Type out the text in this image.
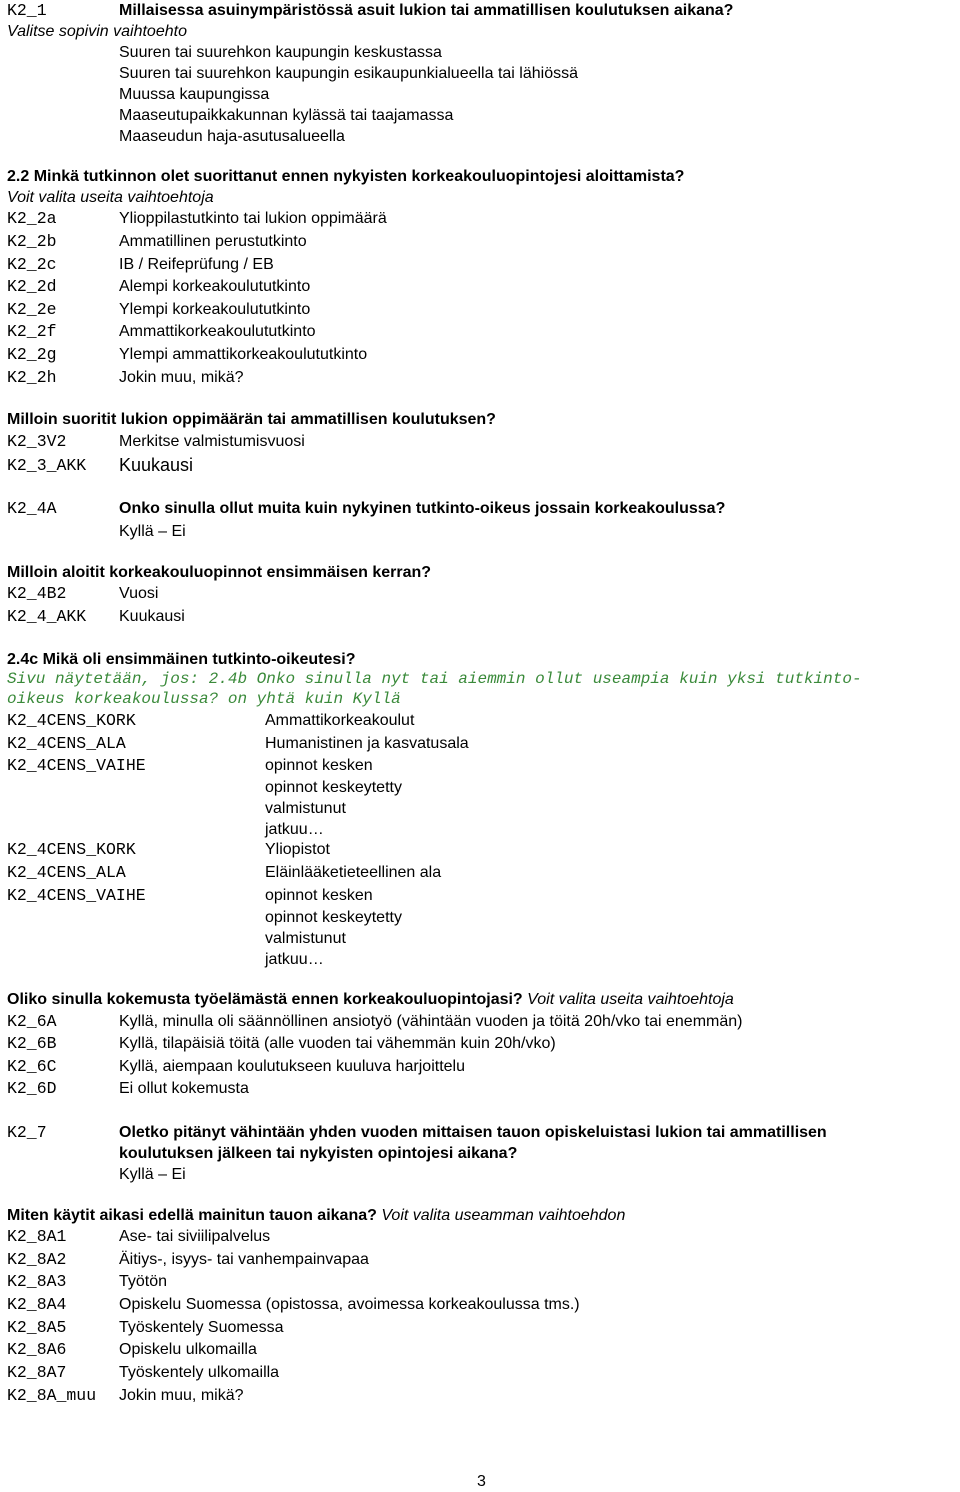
K2_1	Millaisessa asuinympäristössä asuit lukion tai ammatillisen koulutuksen aikana?
Valitse sopivin vaihtoehto
Suuren tai suurehkon kaupungin keskustassa
Suuren tai suurehkon kaupungin esikaupunkialueella tai lähiössä
Muussa kaupungissa
Maaseutupaikkakunnan kylässä tai taajamassa
Maaseudun haja-asutusalueella
2.2 Minkä tutkinnon olet suorittanut ennen nykyisten korkeakouluopintojesi aloittamista?
Voit valita useita vaihtoehtoja
K2_2a	Ylioppilastutkinto tai lukion oppimäärä
K2_2b	Ammatillinen perustutkinto
K2_2c	IB / Reifeprüfung / EB
K2_2d	Alempi korkeakoulututkinto
K2_2e	Ylempi korkeakoulututkinto
K2_2f	Ammattikorkeakoulututkinto
K2_2g	Ylempi ammattikorkeakoulututkinto
K2_2h	Jokin muu, mikä?
Milloin suoritit lukion oppimäärän tai ammatillisen koulutuksen?
K2_3V2	Merkitse valmistumisvuosi
K2_3_AKK Kuukausi
K2_4A	Onko sinulla ollut muita kuin nykyinen tutkinto-oikeus jossain korkeakoulussa?
Kyllä – Ei
Milloin aloitit korkeakouluopinnot ensimmäisen kerran?
K2_4B2	Vuosi
K2_4_AKK Kuukausi
2.4c Mikä oli ensimmäinen tutkinto-oikeutesi?
Sivu näytetään, jos: 2.4b Onko sinulla nyt tai aiemmin ollut useampia kuin yksi tutkinto-
oikeus korkeakoulussa? on yhtä kuin Kyllä
K2_4CENS_KORK	Ammattikorkeakoulut
K2_4CENS_ALA	Humanistinen ja kasvatusala
K2_4CENS_VAIHE	opinnot kesken
opinnot keskeytetty
valmistunut
jatkuu…
K2_4CENS_KORK	Yliopistot
K2_4CENS_ALA	Eläinlääketieteellinen ala
K2_4CENS_VAIHE	opinnot kesken
opinnot keskeytetty
valmistunut
jatkuu…
Oliko sinulla kokemusta työelämästä ennen korkeakouluopintojasi? Voit valita useita vaihtoehtoja
K2_6A	Kyllä, minulla oli säännöllinen ansiotyö (vähintään vuoden ja töitä 20h/vko tai enemmän)
K2_6B	Kyllä, tilapäisiä töitä (alle vuoden tai vähemmän kuin 20h/vko)
K2_6C	Kyllä, aiempaan koulutukseen kuuluva harjoittelu
K2_6D	Ei ollut kokemusta
K2_7	Oletko pitänyt vähintään yhden vuoden mittaisen tauon opiskeluistasi lukion tai ammatillisen
koulutuksen jälkeen tai nykyisten opintojesi aikana?
Kyllä – Ei
Miten käytit aikasi edellä mainitun tauon aikana? Voit valita useamman vaihtoehdon
K2_8A1	Ase- tai siviilipalvelus
K2_8A2	Äitiys-, isyys- tai vanhempainvapaa
K2_8A3	Työtön
K2_8A4	Opiskelu Suomessa (opistossa, avoimessa korkeakoulussa tms.)
K2_8A5	Työskentely Suomessa
K2_8A6	Opiskelu ulkomailla
K2_8A7	Työskentely ulkomailla
K2_8A_muu Jokin muu, mikä?
3
